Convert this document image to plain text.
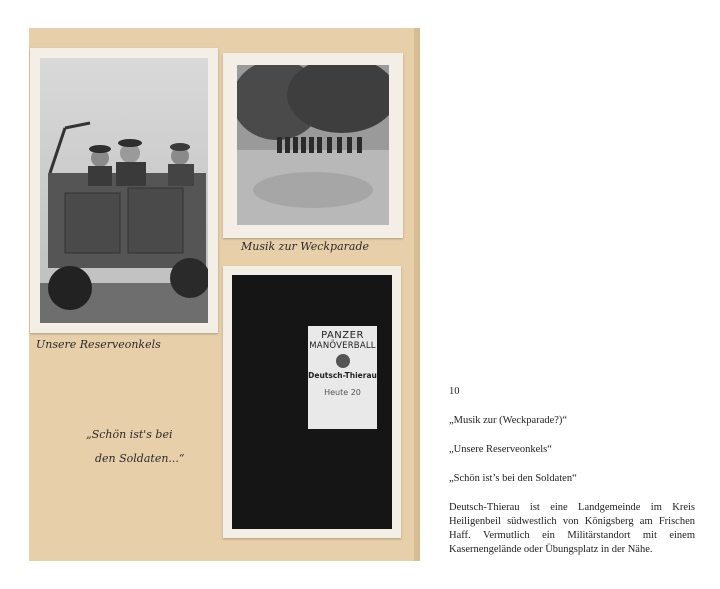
PANZER
MANÖVERBALL
Deutsch-Thierau
Heute 20
Musik zur Weckparade
Unsere Reserveonkels
„Schön ist's bei
den Soldaten...“

10

„Musik zur (Weckparade?)“

„Unsere Reserveonkels“

„Schön ist’s bei den Soldaten“

Deutsch-Thierau ist eine Landgemeinde im Kreis Heiligenbeil südwestlich von Königsberg am Frischen Haff. Vermutlich ein Militärstandort mit einem Kasernengelände oder Übungsplatz in der Nähe.
